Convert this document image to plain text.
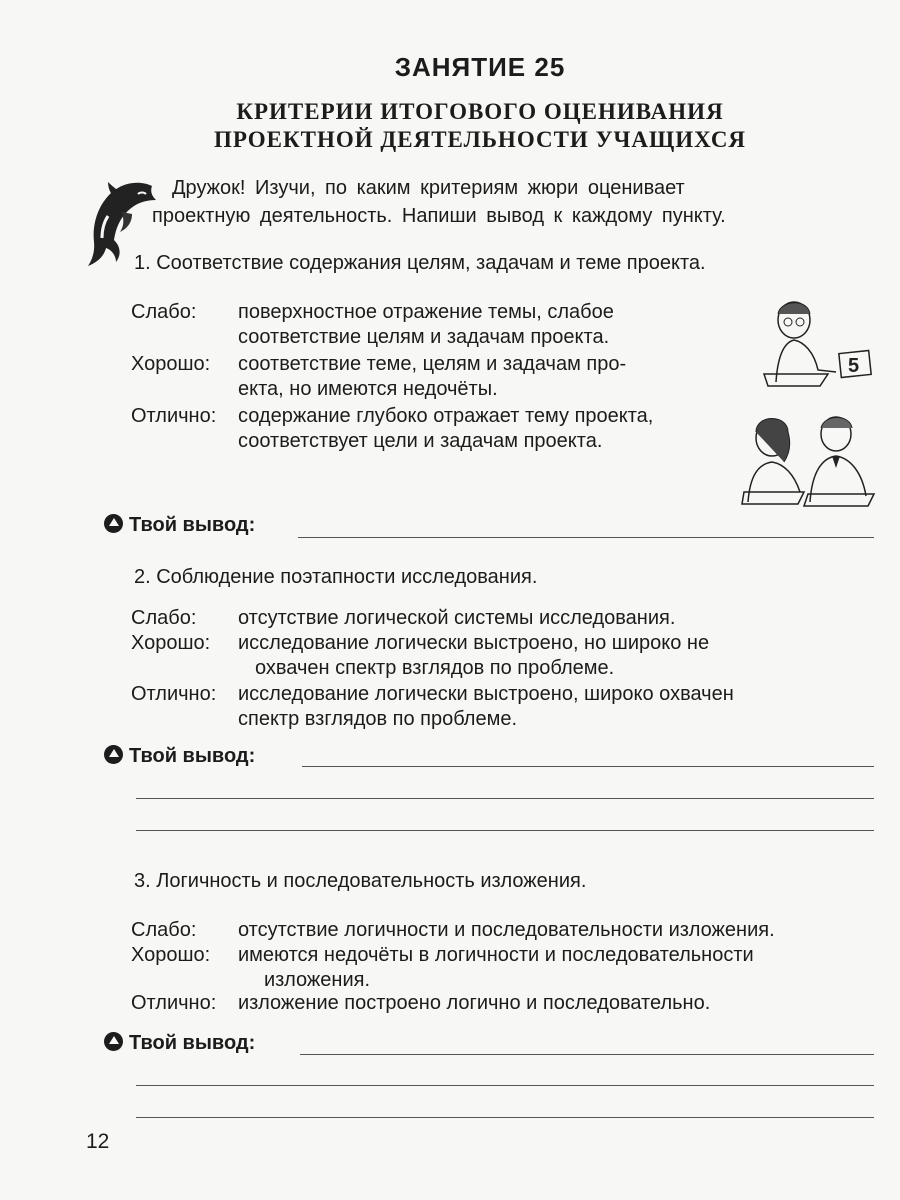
ЗАНЯТИЕ 25
КРИТЕРИИ ИТОГОВОГО ОЦЕНИВАНИЯ
ПРОЕКТНОЙ ДЕЯТЕЛЬНОСТИ УЧАЩИХСЯ
Дружок! Изучи, по каким критериям жюри оценивает
проектную деятельность. Напиши вывод к каждому пункту.
1. Соответствие содержания целям, задачам и теме проекта.
Слабо: поверхностное отражение темы, слабое
соответствие целям и задачам проекта.
Хорошо: соответствие теме, целям и задачам про-
екта, но имеются недочёты.
Отлично: содержание глубоко отражает тему проекта,
соответствует цели и задачам проекта.
5
Твой вывод:
2. Соблюдение поэтапности исследования.
Слабо: отсутствие логической системы исследования.
Хорошо: исследование логически выстроено, но широко не
охвачен спектр взглядов по проблеме.
Отлично: исследование логически выстроено, широко охвачен
спектр взглядов по проблеме.
Твой вывод:
3. Логичность и последовательность изложения.
Слабо: отсутствие логичности и последовательности изложения.
Хорошо: имеются недочёты в логичности и последовательности
изложения.
Отлично: изложение построено логично и последовательно.
Твой вывод:
12
